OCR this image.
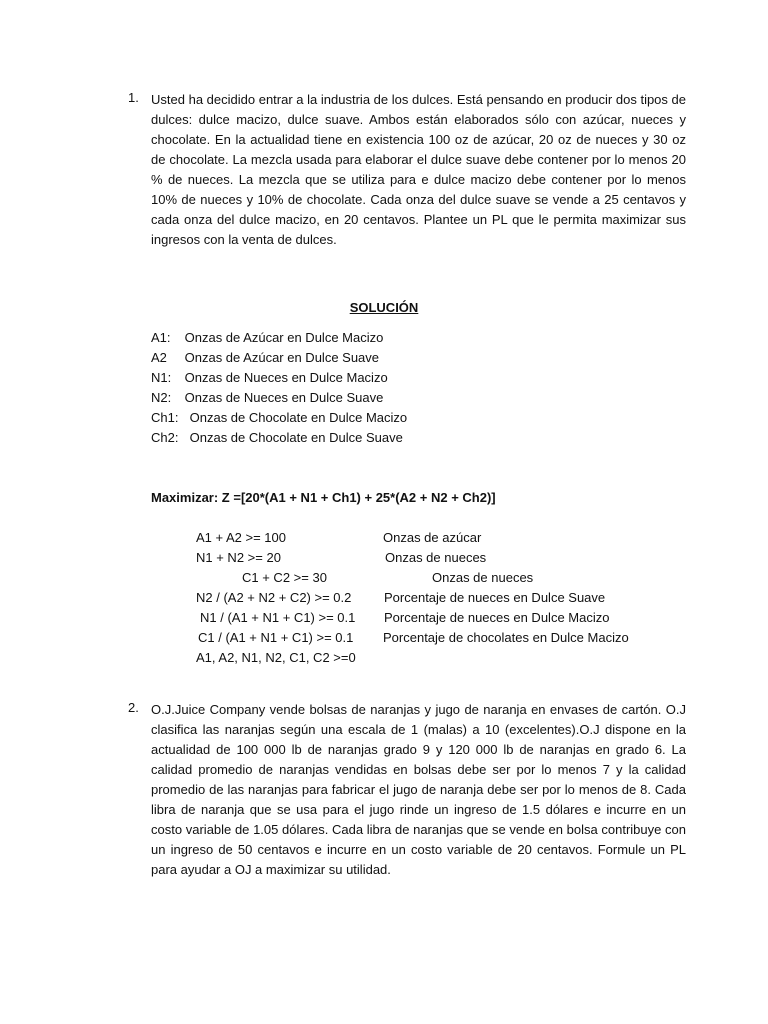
1. Usted ha decidido entrar a la industria de los dulces. Está pensando en producir dos tipos de dulces: dulce macizo, dulce suave. Ambos están elaborados sólo con azúcar, nueces y chocolate. En la actualidad tiene en existencia 100 oz de azúcar, 20 oz de nueces y 30 oz de chocolate. La mezcla usada para elaborar el dulce suave debe contener por lo menos 20 % de nueces. La mezcla que se utiliza para e dulce macizo debe contener por lo menos 10% de nueces y 10% de chocolate. Cada onza del dulce suave se vende a 25 centavos y cada onza del dulce macizo, en 20 centavos. Plantee un PL que le permita maximizar sus ingresos con la venta de dulces.

SOLUCIÓN
A1: Onzas de Azúcar en Dulce Macizo
A2 Onzas de Azúcar en Dulce Suave
N1: Onzas de Nueces en Dulce Macizo
N2: Onzas de Nueces en Dulce Suave
Ch1: Onzas de Chocolate en Dulce Macizo
Ch2: Onzas de Chocolate en Dulce Suave
Maximizar: Z =[20*(A1 + N1 + Ch1) + 25*(A2 + N2 + Ch2)]
A1 + A2 >= 100	Onzas de azúcar
N1 + N2 >= 20	Onzas de nueces
C1 + C2 >= 30	Onzas de nueces
N2 / (A2 + N2 + C2) >= 0.2	Porcentaje de nueces en Dulce Suave
N1 / (A1 + N1 + C1) >= 0.1 Porcentaje de nueces en Dulce Macizo
C1 / (A1 + N1 + C1) >= 0.1 Porcentaje de chocolates en Dulce Macizo
A1, A2, N1, N2, C1, C2 >=0
2. O.J.Juice Company vende bolsas de naranjas y jugo de naranja en envases de cartón. O.J clasifica las naranjas según una escala de 1 (malas) a 10 (excelentes).O.J dispone en la actualidad de 100 000 lb de naranjas grado 9 y 120 000 lb de naranjas en grado 6. La calidad promedio de naranjas vendidas en bolsas debe ser por lo menos 7 y la calidad promedio de las naranjas para fabricar el jugo de naranja debe ser por lo menos de 8. Cada libra de naranja que se usa para el jugo rinde un ingreso de 1.5 dólares e incurre en un costo variable de 1.05 dólares. Cada libra de naranjas que se vende en bolsa contribuye con un ingreso de 50 centavos e incurre en un costo variable de 20 centavos. Formule un PL para ayudar a OJ a maximizar su utilidad.
